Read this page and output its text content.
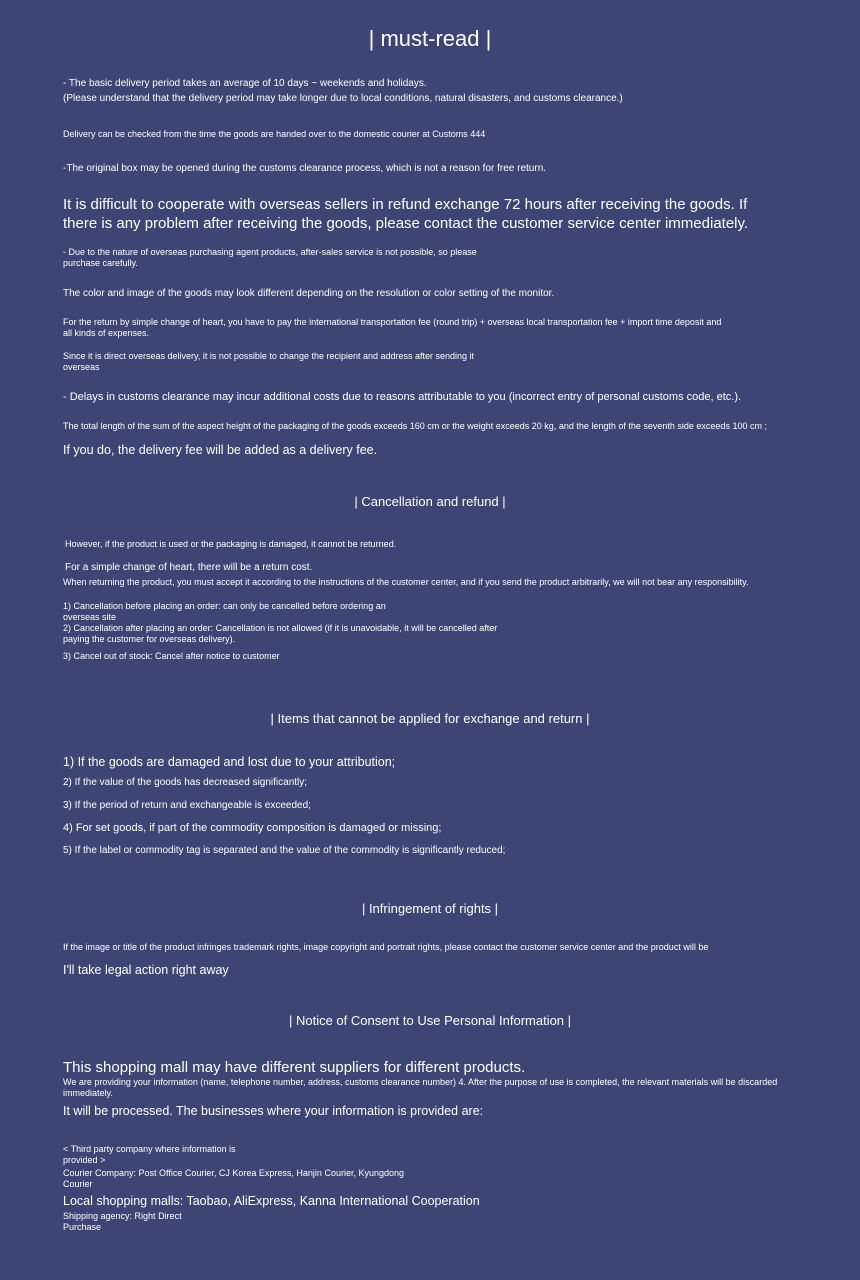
| must-read |

- The basic delivery period takes an average of 10 days ~ weekends and holidays.

(Please understand that the delivery period may take longer due to local conditions, natural disasters, and customs clearance.)

Delivery can be checked from the time the goods are handed over to the domestic courier at Customs 444

-The original box may be opened during the customs clearance process, which is not a reason for free return.

It is difficult to cooperate with overseas sellers in refund exchange 72 hours after receiving the goods. If there is any problem after receiving the goods, please contact the customer service center immediately.

- Due to the nature of overseas purchasing agent products, after-sales service is not possible, so please purchase carefully.

The color and image of the goods may look different depending on the resolution or color setting of the monitor.

For the return by simple change of heart, you have to pay the international transportation fee (round trip) + overseas local transportation fee + import time deposit and all kinds of expenses.

Since it is direct overseas delivery, it is not possible to change the recipient and address after sending it overseas

- Delays in customs clearance may incur additional costs due to reasons attributable to you (incorrect entry of personal customs code, etc.).

The total length of the sum of the aspect height of the packaging of the goods exceeds 160 cm or the weight exceeds 20 kg, and the length of the seventh side exceeds 100 cm ;

If you do, the delivery fee will be added as a delivery fee.

| Cancellation and refund |

However, if the product is used or the packaging is damaged, it cannot be returned.

For a simple change of heart, there will be a return cost.

When returning the product, you must accept it according to the instructions of the customer center, and if you send the product arbitrarily, we will not bear any responsibility.

1) Cancellation before placing an order: can only be cancelled before ordering an overseas site

2) Cancellation after placing an order: Cancellation is not allowed (if it is unavoidable, it will be cancelled after paying the customer for overseas delivery).

3) Cancel out of stock: Cancel after notice to customer

| Items that cannot be applied for exchange and return |

1) If the goods are damaged and lost due to your attribution;

2) If the value of the goods has decreased significantly;

3) If the period of return and exchangeable is exceeded;

4) For set goods, if part of the commodity composition is damaged or missing;

5) If the label or commodity tag is separated and the value of the commodity is significantly reduced;

| Infringement of rights |

If the image or title of the product infringes trademark rights, image copyright and portrait rights, please contact the customer service center and the product will be

I'll take legal action right away

| Notice of Consent to Use Personal Information |

This shopping mall may have different suppliers for different products.

We are providing your information (name, telephone number, address, customs clearance number) 4. After the purpose of use is completed, the relevant materials will be discarded immediately.

It will be processed. The businesses where your information is provided are:

< Third party company where information is provided >

Courier Company: Post Office Courier, CJ Korea Express, Hanjin Courier, Kyungdong Courier

Local shopping malls: Taobao, AliExpress, Kanna International Cooperation

Shipping agency: Right Direct Purchase
